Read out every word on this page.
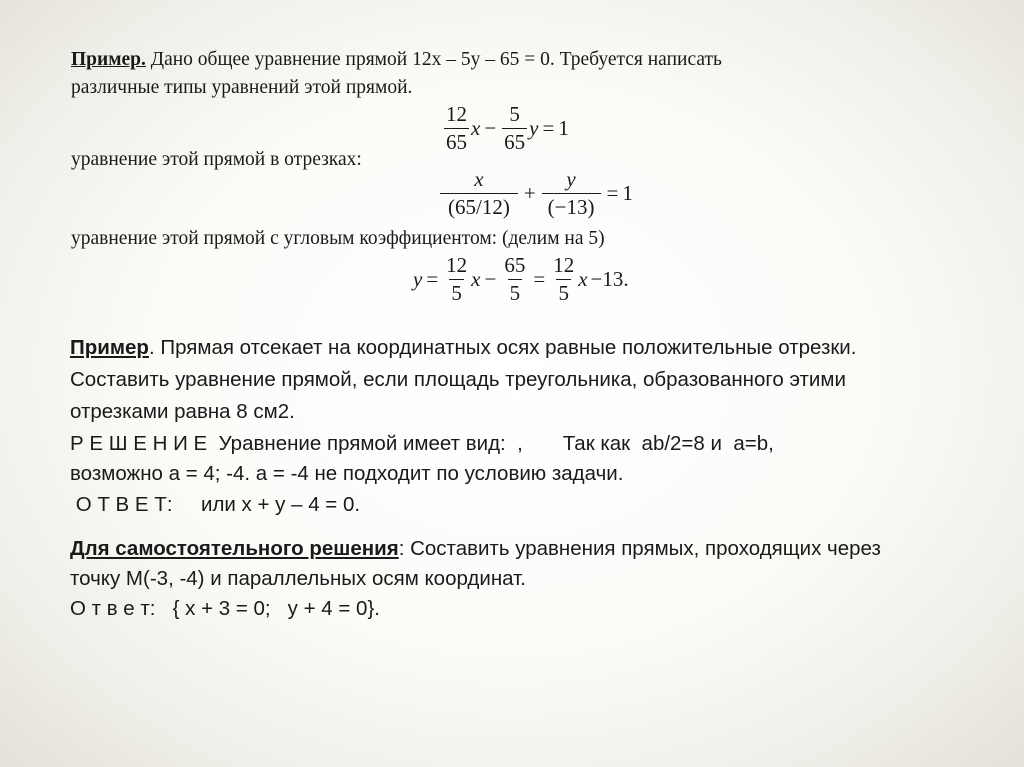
Пример. Дано общее уравнение прямой 12x – 5y – 65 = 0. Требуется написать
различные типы уравнений этой прямой.
$\frac{12}{65}$ $x - \frac{5}{65}$ y = 1
уравнение этой прямой в отрезках:
$\frac{x}{(65/12)} + \frac{y}{(-13)} = 1$
уравнение этой прямой с угловым коэффициентом: (делим на 5)
$y = \frac{12}{5}$ $x - \frac{65}{5} = \frac{12}{5}$ x −13.
Пример. Прямая отсекает на координатных осях равные положительные отрезки.
Составить уравнение прямой, если площадь треугольника, образованного этими
отрезками равна 8 см2.
Р Е Ш Е Н И Е  Уравнение прямой имеет вид:  ,       Так как  ab/2=8 и  a=b,
возможно а = 4; -4. а = -4 не подходит по условию задачи.
О Т В Е Т:     или x + y – 4 = 0.
Для самостоятельного решения: Составить уравнения прямых, проходящих через
точку М(-3, -4) и параллельных осям координат.
О т в е т:   { x + 3 = 0;   y + 4 = 0}.
